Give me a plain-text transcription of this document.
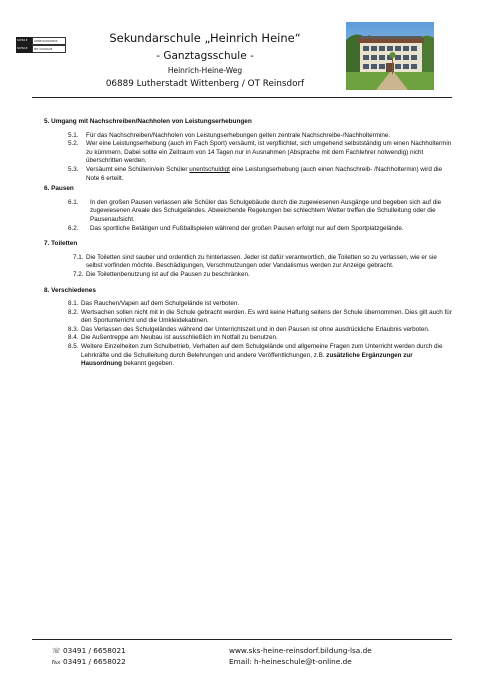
SCHULE	OHNE RASSISMUS
SCHULE	MIT COURAGE
Sekundarschule „Heinrich Heine“
- Ganztagsschule -
Heinrich-Heine-Weg
06889 Lutherstadt Wittenberg / OT Reinsdorf
5. Umgang mit Nachschreiben/Nachholen von Leistungserhebungen
5.1.	Für das Nachschreiben/Nachholen von Leistungserhebungen gelten zentrale Nachschreibe-/Nachholtermine.
5.2.	Wer eine Leistungserhebung (auch im Fach Sport) versäumt, ist verpflichtet, sich umgehend selbstständig um einen Nachholtermin zu kümmern. Dabei sollte ein Zeitraum von 14 Tagen nur in Ausnahmen (Absprache mit dem Fachlehrer notwendig) nicht überschritten werden.
5.3.	Versäumt eine Schülerin/ein Schüler unentschuldigt eine Leistungserhebung (auch einen Nachschreib- /Nachholtermin) wird die Note 6 erteilt.
6. Pausen
6.1.	In den großen Pausen verlassen alle Schüler das Schulgebäude durch die zugewiesenen Ausgänge und begeben sich auf die zugewiesenen Areale des Schulgeländes. Abweichende Regelungen bei schlechtem Wetter treffen die Schulleitung oder die Pausenaufsicht.
6.2.	Das sportliche Betätigen und Fußballspielen während der großen Pausen erfolgt nur auf dem Sportplatzgelände.
7. Toiletten
7.1. Die Toiletten sind sauber und ordentlich zu hinterlassen. Jeder ist dafür verantwortlich, die Toiletten so zu verlassen, wie er sie selbst vorfinden möchte. Beschädigungen, Verschmutzungen oder Vandalismus werden zur Anzeige gebracht.
7.2. Die Toilettenbenutzung ist auf die Pausen zu beschränken.
8. Verschiedenes
8.1. Das Rauchen/Vapen auf dem Schulgelände ist verboten.
8.2. Wertsachen sollen nicht mit in die Schule gebracht werden. Es wird keine Haftung seitens der Schule übernommen. Dies gilt auch für den Sportunterricht und die Umkleidekabinen.
8.3. Das Verlassen des Schulgeländes während der Unterrichtszeit und in den Pausen ist ohne ausdrückliche Erlaubnis verboten.
8.4. Die Außentreppe am Neubau ist ausschließlich im Notfall zu benutzen.
8.5. Weitere Einzelheiten zum Schulbetrieb, Verhalten auf dem Schulgelände und allgemeine Fragen zum Unterricht werden durch die Lehrkräfte und die Schulleitung durch Belehrungen und andere Veröffentlichungen, z.B. zusätzliche Ergänzungen zur Hausordnung bekannt gegeben.
☏ 03491 / 6658021
℻ 03491 / 6658022
www.sks-heine-reinsdorf.bildung-lsa.de
Email: h-heineschule@t-online.de
